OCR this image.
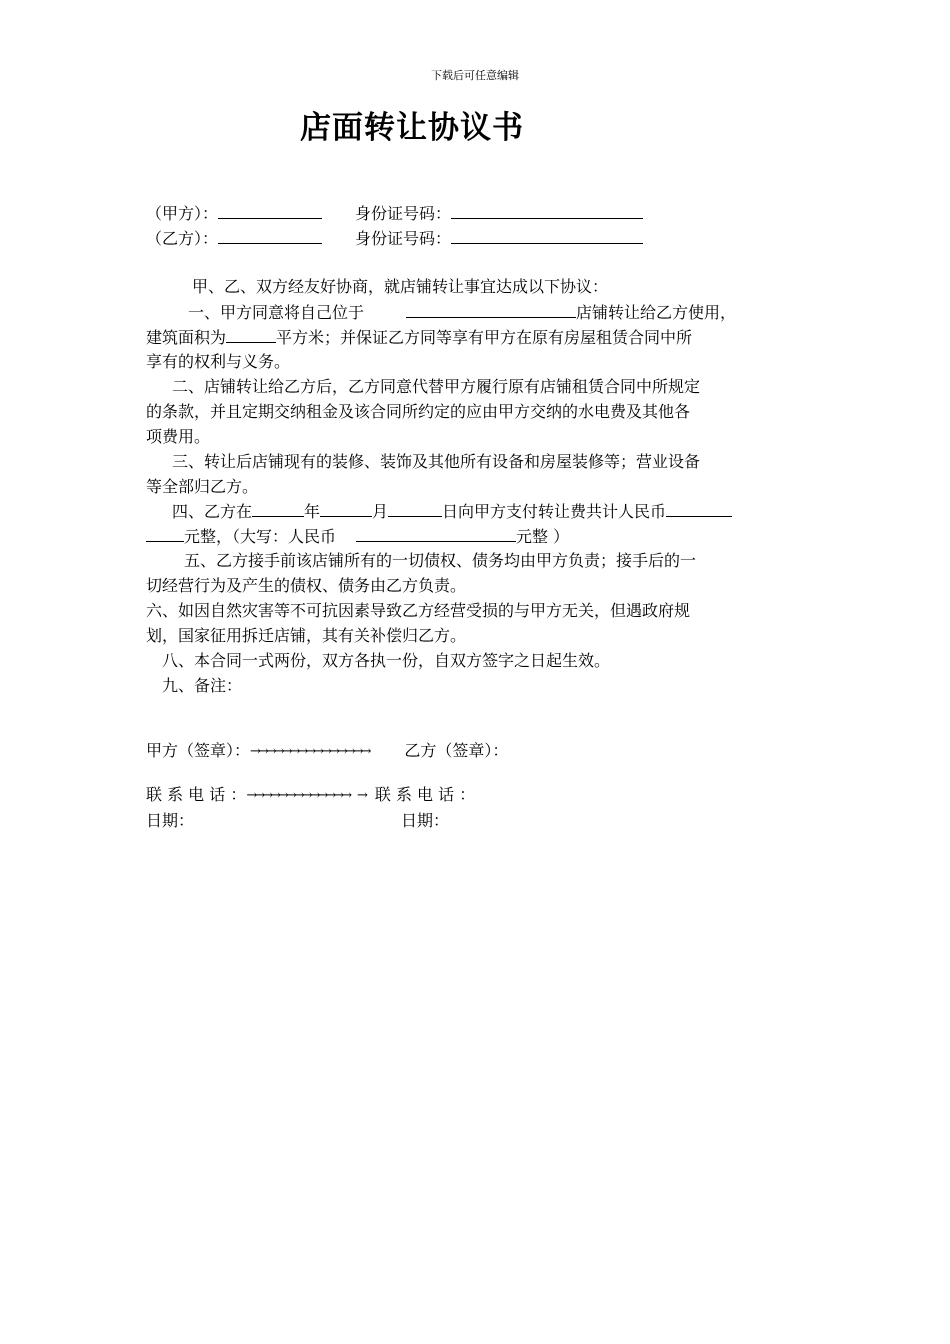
下载后可任意编辑
店面转让协议书
（甲方）：	身份证号码：
（乙方）：	身份证号码：
甲、乙、双方经友好协商，就店铺转让事宜达成以下协议：
一、甲方同意将自己位于	店铺转让给乙方使用，
建筑面积为	平方米；并保证乙方同等享有甲方在原有房屋租赁合同中所
享有的权利与义务。
二、店铺转让给乙方后，乙方同意代替甲方履行原有店铺租赁合同中所规定
的条款，并且定期交纳租金及该合同所约定的应由甲方交纳的水电费及其他各
项费用。
三、转让后店铺现有的装修、装饰及其他所有设备和房屋装修等；营业设备
等全部归乙方。
四、乙方在	年	月	日向甲方支付转让费共计人民币
元整，（大写：人民币	元整 ）
五、乙方接手前该店铺所有的一切债权、债务均由甲方负责；接手后的一
切经营行为及产生的债权、债务由乙方负责。
六、如因自然灾害等不可抗因素导致乙方经营受损的与甲方无关，但遇政府规
划，国家征用拆迁店铺，其有关补偿归乙方。
八、本合同一式两份，双方各执一份，自双方签字之日起生效。
九、备注：
甲方（签章）：→→→→→→→→→→→→→→→ 乙方（签章）：
联 系 电 话 ：→→→→→→→→→→→→→ → 联 系 电 话 ：
日期：	日期：
